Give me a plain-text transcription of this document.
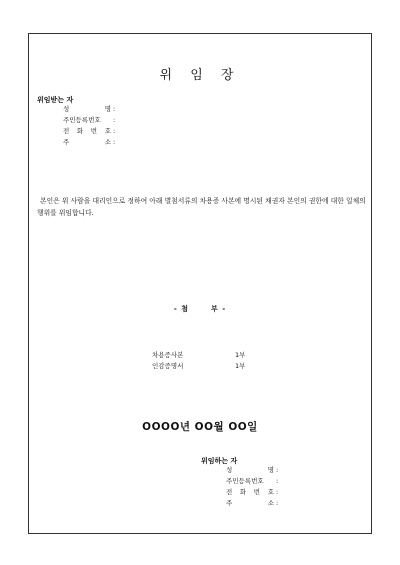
위 임 장
위임받는 자
성 명 :
주민등록번호	:
전 화 번 호 :
주 소 :
본인은 위 사람을 대리인으로 정하여 아래 별첨서류의 차용증 사본에 명시된 채권자 본인의 권한에 대한 일체의 행위를 위임합니다.
- 첨	부 -
차용증사본	1부
인감증명서	1부
OOOO년 OO월 OO일
위임하는 자
성 명 :
주민등록번호	:
전 화 번 호 :
주 소 :
